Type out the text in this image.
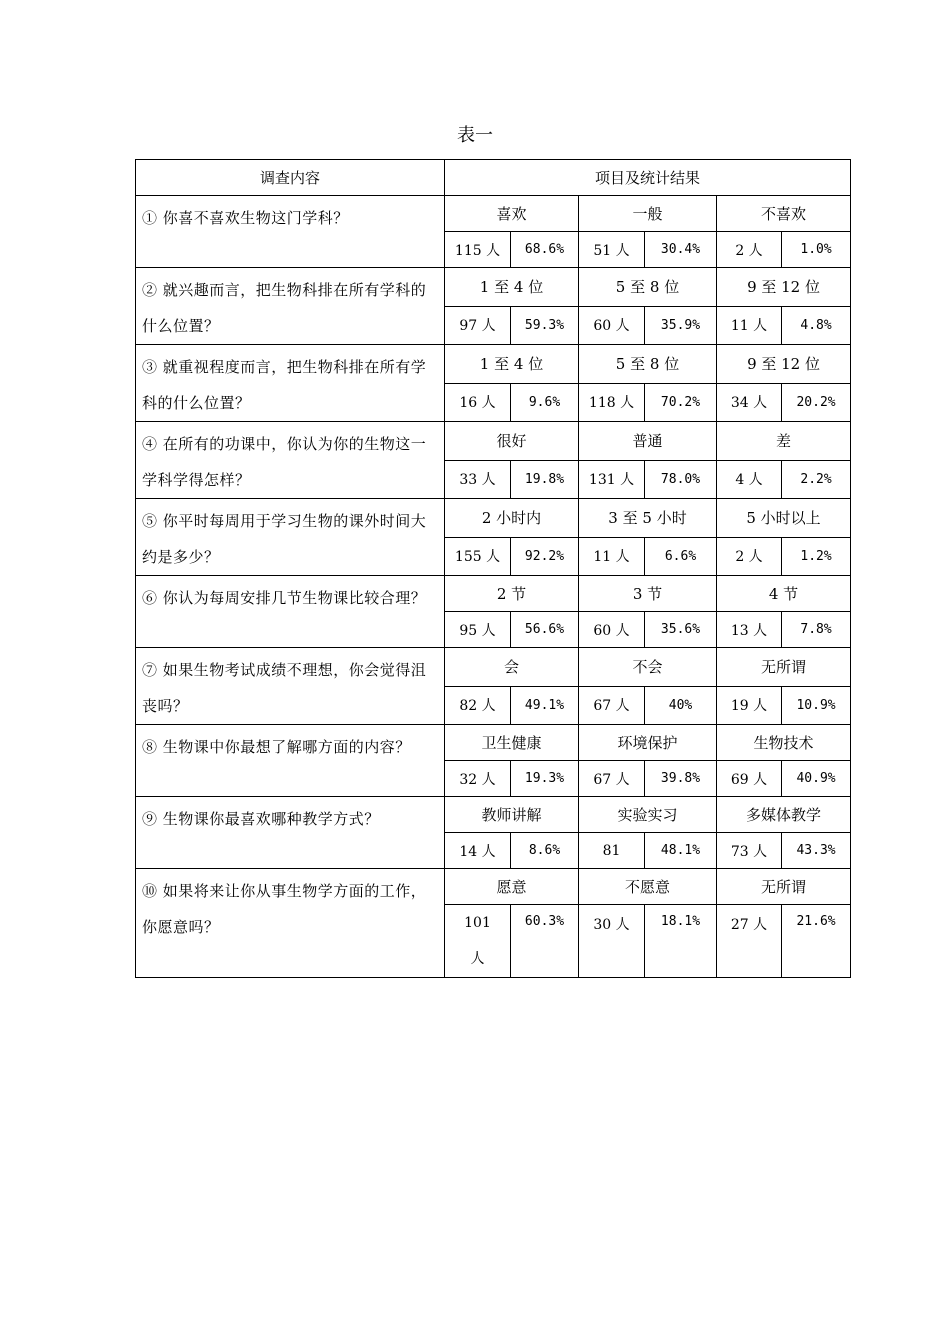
表一
调查内容	项目及统计结果					
① 你喜不喜欢生物这门学科？	喜欢		一般		不喜欢	
	115 人	68.6%	51 人	30.4%	2 人	1.0%
② 就兴趣而言，把生物科排在所有学科的什么位置？	1 至 4 位		5 至 8 位		9 至 12 位	
	97 人	59.3%	60 人	35.9%	11 人	4.8%
③ 就重视程度而言，把生物科排在所有学科的什么位置？	1 至 4 位		5 至 8 位		9 至 12 位	
	16 人	9.6%	118 人	70.2%	34 人	20.2%
④ 在所有的功课中，你认为你的生物这一学科学得怎样？	很好		普通		差	
	33 人	19.8%	131 人	78.0%	4 人	2.2%
⑤ 你平时每周用于学习生物的课外时间大约是多少？	2 小时内		3 至 5 小时		5 小时以上	
	155 人	92.2%	11 人	6.6%	2 人	1.2%
⑥ 你认为每周安排几节生物课比较合理？	2 节		3 节		4 节	
	95 人	56.6%	60 人	35.6%	13 人	7.8%
⑦ 如果生物考试成绩不理想，你会觉得沮丧吗？	会		不会		无所谓	
	82 人	49.1%	67 人	40%	19 人	10.9%
⑧ 生物课中你最想了解哪方面的内容？	卫生健康		环境保护		生物技术	
	32 人	19.3%	67 人	39.8%	69 人	40.9%
⑨ 生物课你最喜欢哪种教学方式？	教师讲解		实验实习		多媒体教学	
	14 人	8.6%	81	48.1%	73 人	43.3%
⑩ 如果将来让你从事生物学方面的工作，你愿意吗？	愿意		不愿意		无所谓	
	101 人	60.3%	30 人	18.1%	27 人	21.6%
